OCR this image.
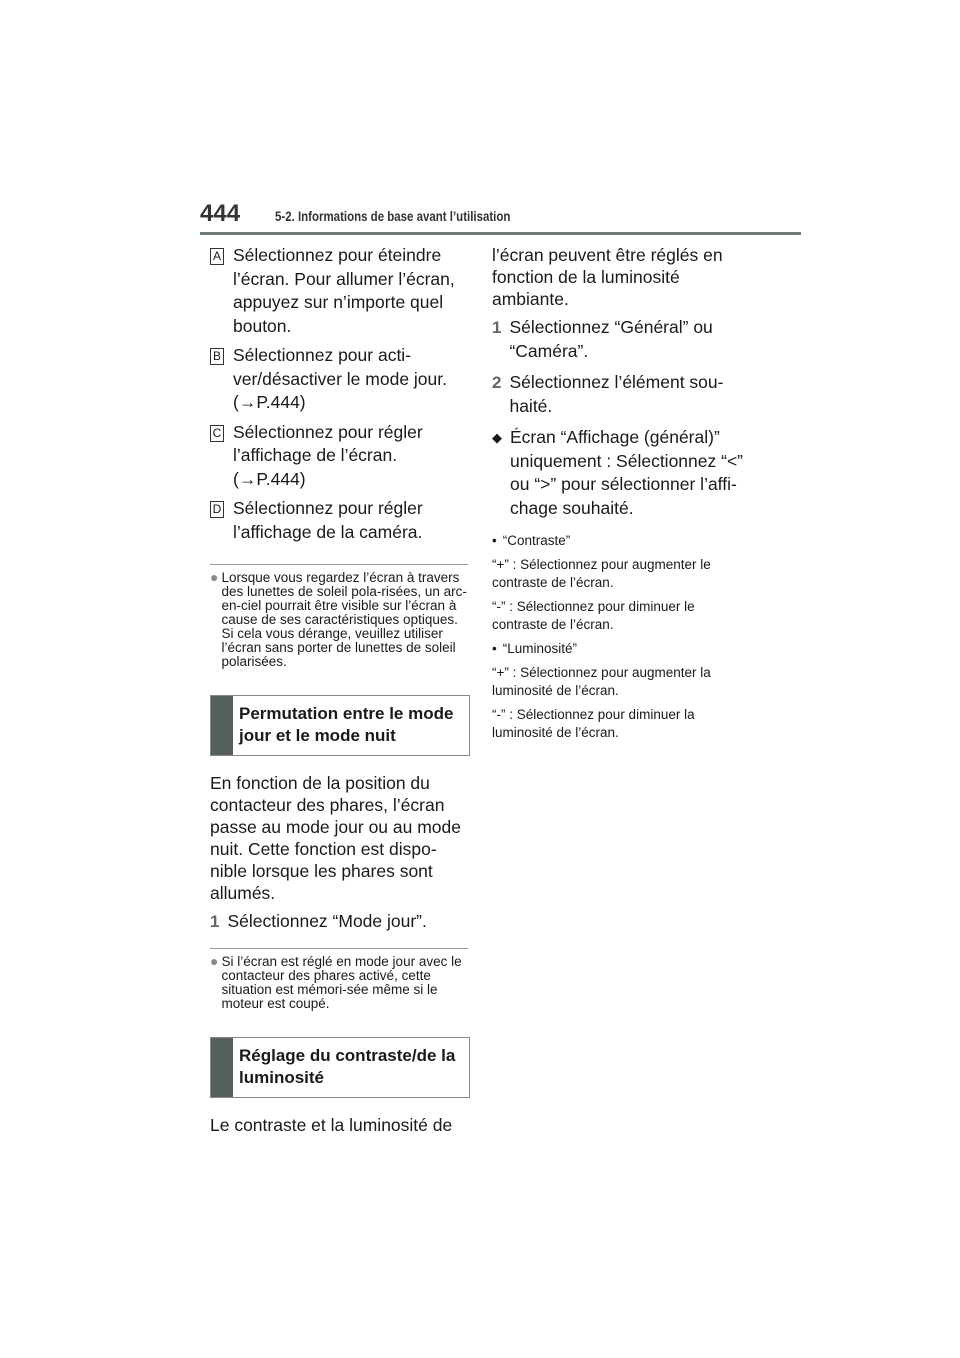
444 5-2. Informations de base avant l’utilisation
A Sélectionnez pour éteindre l’écran. Pour allumer l’écran, appuyez sur n’importe quel bouton.
B Sélectionnez pour acti-ver/désactiver le mode jour. (→P.444)
C Sélectionnez pour régler l’affichage de l’écran. (→P.444)
D Sélectionnez pour régler l’affichage de la caméra.
● Lorsque vous regardez l’écran à travers des lunettes de soleil pola-risées, un arc-en-ciel pourrait être visible sur l’écran à cause de ses caractéristiques optiques. Si cela vous dérange, veuillez utiliser l’écran sans porter de lunettes de soleil polarisées.
Permutation entre le mode jour et le mode nuit

En fonction de la position du contacteur des phares, l’écran passe au mode jour ou au mode nuit. Cette fonction est dispo-nible lorsque les phares sont allumés.

1 Sélectionnez “Mode jour”.
● Si l’écran est réglé en mode jour avec le contacteur des phares activé, cette situation est mémori-sée même si le moteur est coupé.
Réglage du contraste/de la luminosité

Le contraste et la luminosité de

l’écran peuvent être réglés en fonction de la luminosité ambiante.

1 Sélectionnez “Général” ou “Caméra”.
2 Sélectionnez l’élément sou-haité.
◆ Écran “Affichage (général)” uniquement : Sélectionnez “<” ou “>” pour sélectionner l’affi-chage souhaité.
• “Contraste”

“+” : Sélectionnez pour augmenter le contraste de l’écran.

“-” : Sélectionnez pour diminuer le contraste de l’écran.

• “Luminosité”

“+” : Sélectionnez pour augmenter la luminosité de l’écran.

“-” : Sélectionnez pour diminuer la luminosité de l’écran.
